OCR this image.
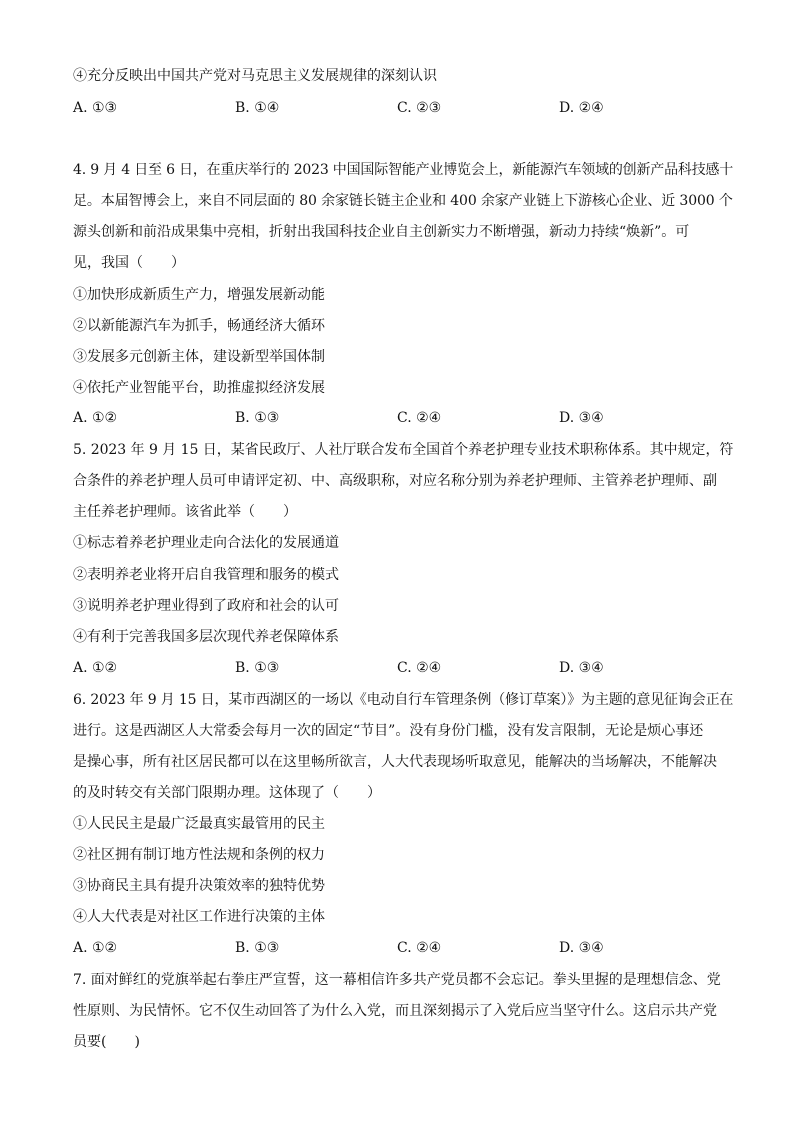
④充分反映出中国共产党对马克思主义发展规律的深刻认识
A. ①③	B. ①④	C. ②③	D. ②④
4. 9 月 4 日至 6 日，在重庆举行的 2023 中国国际智能产业博览会上，新能源汽车领域的创新产品科技感十
足。本届智博会上，来自不同层面的 80 余家链长链主企业和 400 余家产业链上下游核心企业、近 3000 个
源头创新和前沿成果集中亮相，折射出我国科技企业自主创新实力不断增强，新动力持续“焕新”。可
见，我国（　　）
①加快形成新质生产力，增强发展新动能
②以新能源汽车为抓手，畅通经济大循环
③发展多元创新主体，建设新型举国体制
④依托产业智能平台，助推虚拟经济发展
A. ①②	B. ①③	C. ②④	D. ③④
5. 2023 年 9 月 15 日，某省民政厅、人社厅联合发布全国首个养老护理专业技术职称体系。其中规定，符
合条件的养老护理人员可申请评定初、中、高级职称，对应名称分别为养老护理师、主管养老护理师、副
主任养老护理师。该省此举（　　）
①标志着养老护理业走向合法化的发展通道
②表明养老业将开启自我管理和服务的模式
③说明养老护理业得到了政府和社会的认可
④有利于完善我国多层次现代养老保障体系
A. ①②	B. ①③	C. ②④	D. ③④
6. 2023 年 9 月 15 日，某市西湖区的一场以《电动自行车管理条例（修订草案）》为主题的意见征询会正在
进行。这是西湖区人大常委会每月一次的固定“节目”。没有身份门槛，没有发言限制，无论是烦心事还
是操心事，所有社区居民都可以在这里畅所欲言，人大代表现场听取意见，能解决的当场解决，不能解决
的及时转交有关部门限期办理。这体现了（　　）
①人民民主是最广泛最真实最管用的民主
②社区拥有制订地方性法规和条例的权力
③协商民主具有提升决策效率的独特优势
④人大代表是对社区工作进行决策的主体
A. ①②	B. ①③	C. ②④	D. ③④
7. 面对鲜红的党旗举起右拳庄严宣誓，这一幕相信许多共产党员都不会忘记。拳头里握的是理想信念、党
性原则、为民情怀。它不仅生动回答了为什么入党，而且深刻揭示了入党后应当坚守什么。这启示共产党
员要(　　)
